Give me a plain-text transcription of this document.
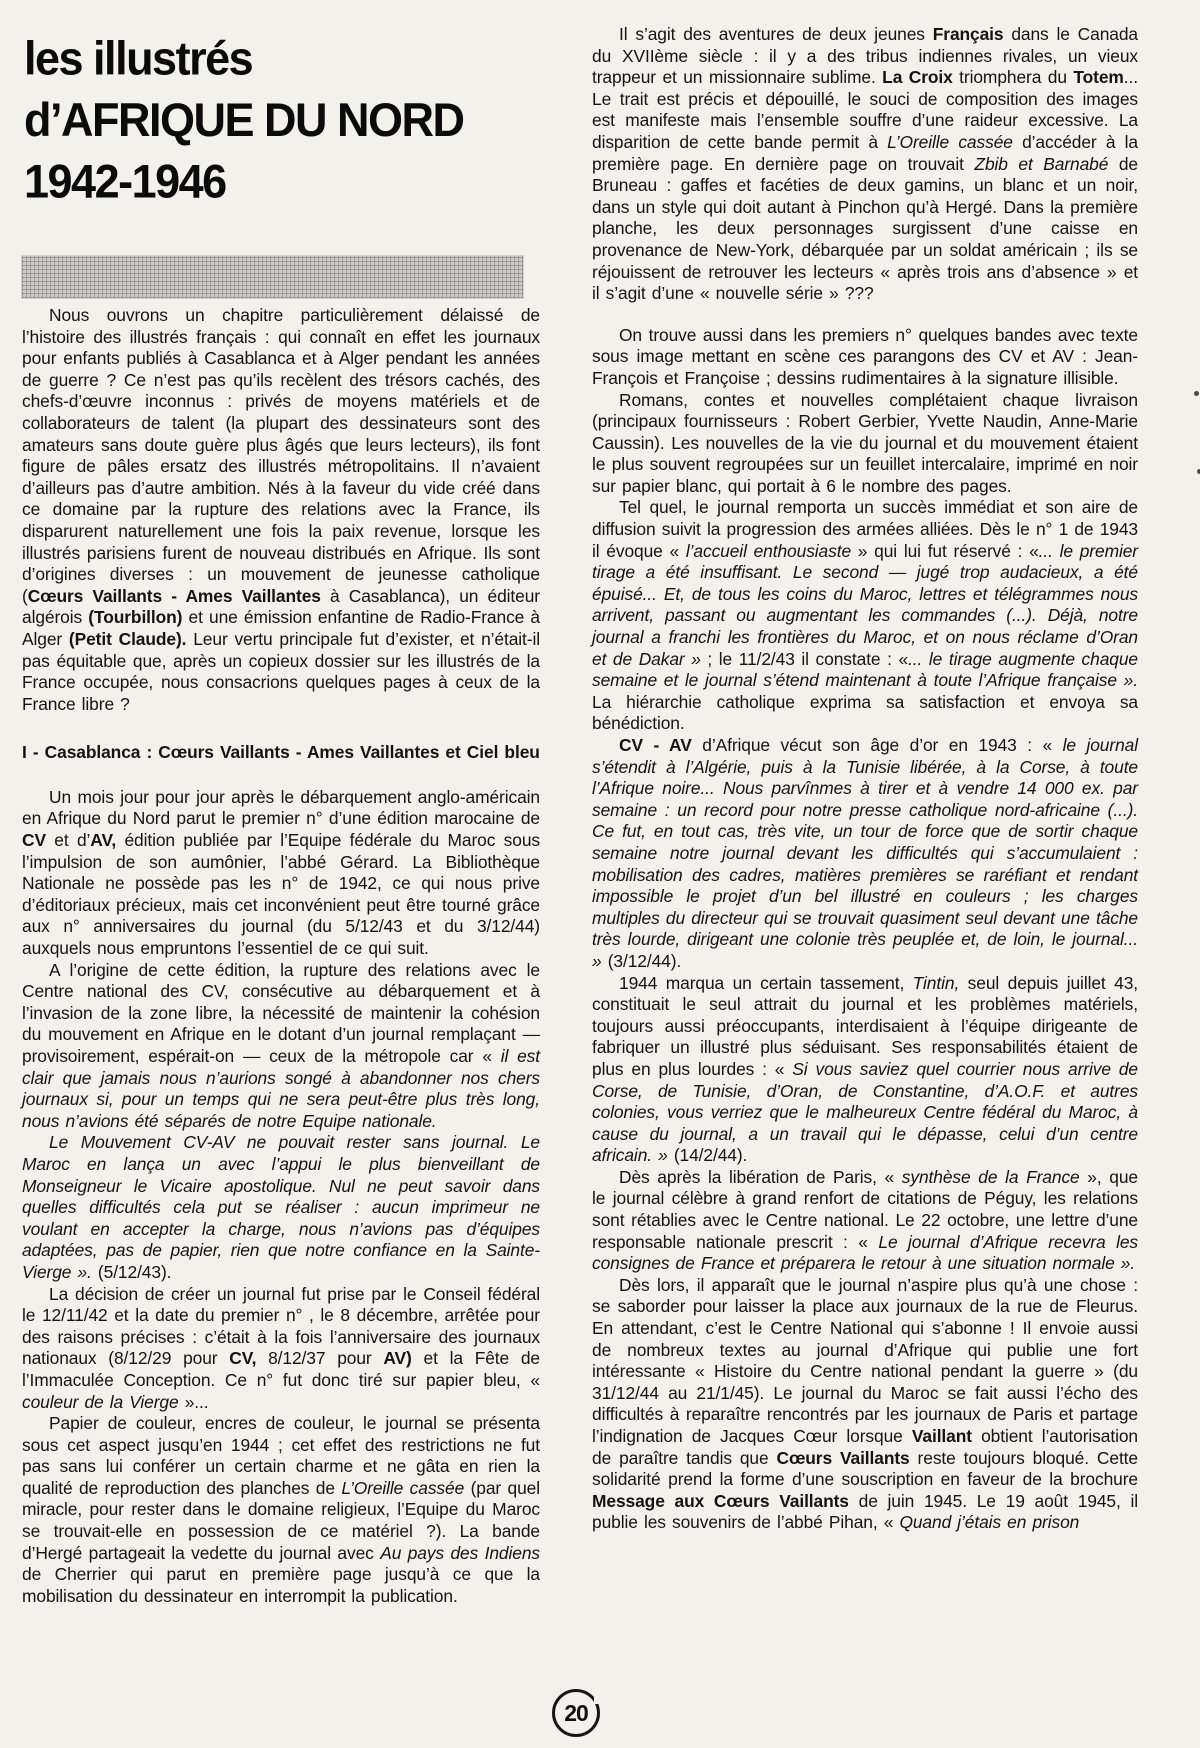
les illustrés
d’AFRIQUE DU NORD
1942-1946

Nous ouvrons un chapitre particulièrement délaissé de l’histoire des illustrés français : qui connaît en effet les journaux pour enfants publiés à Casablanca et à Alger pendant les années de guerre ? Ce n’est pas qu’ils recèlent des trésors cachés, des chefs-d’œuvre inconnus : privés de moyens matériels et de collaborateurs de talent (la plupart des dessinateurs sont des amateurs sans doute guère plus âgés que leurs lecteurs), ils font figure de pâles ersatz des illustrés métropolitains. Il n’avaient d’ailleurs pas d’autre ambition. Nés à la faveur du vide créé dans ce domaine par la rupture des relations avec la France, ils disparurent naturellement une fois la paix revenue, lorsque les illustrés parisiens furent de nouveau distribués en Afrique. Ils sont d’origines diverses : un mouvement de jeunesse catholique (Cœurs Vaillants - Ames Vaillantes à Casablanca), un éditeur algérois (Tourbillon) et une émission enfantine de Radio-France à Alger (Petit Claude). Leur vertu principale fut d’exister, et n’était-il pas équitable que, après un copieux dossier sur les illustrés de la France occupée, nous consacrions quelques pages à ceux de la France libre ?

I - Casablanca : Cœurs Vaillants - Ames Vaillantes et Ciel bleu

Un mois jour pour jour après le débarquement anglo-américain en Afrique du Nord parut le premier n° d’une édition marocaine de CV et d’AV, édition publiée par l’Equipe fédérale du Maroc sous l’impulsion de son aumônier, l’abbé Gérard. La Bibliothèque Nationale ne possède pas les n° de 1942, ce qui nous prive d’éditoriaux précieux, mais cet inconvénient peut être tourné grâce aux n° anniversaires du journal (du 5/12/43 et du 3/12/44) auxquels nous empruntons l’essentiel de ce qui suit.

A l’origine de cette édition, la rupture des relations avec le Centre national des CV, consécutive au débarquement et à l’invasion de la zone libre, la nécessité de maintenir la cohésion du mouvement en Afrique en le dotant d’un journal remplaçant — provisoirement, espérait-on — ceux de la métropole car « il est clair que jamais nous n’aurions songé à abandonner nos chers journaux si, pour un temps qui ne sera peut-être plus très long, nous n’avions été séparés de notre Equipe nationale.

Le Mouvement CV-AV ne pouvait rester sans journal. Le Maroc en lança un avec l’appui le plus bienveillant de Monseigneur le Vicaire apostolique. Nul ne peut savoir dans quelles difficultés cela put se réaliser : aucun imprimeur ne voulant en accepter la charge, nous n’avions pas d’équipes adaptées, pas de papier, rien que notre confiance en la Sainte-Vierge ». (5/12/43).

La décision de créer un journal fut prise par le Conseil fédéral le 12/11/42 et la date du premier n° , le 8 décembre, arrêtée pour des raisons précises : c’était à la fois l’anniversaire des journaux nationaux (8/12/29 pour CV, 8/12/37 pour AV) et la Fête de l’Immaculée Conception. Ce n° fut donc tiré sur papier bleu, « couleur de la Vierge »...

Papier de couleur, encres de couleur, le journal se présenta sous cet aspect jusqu’en 1944 ; cet effet des restrictions ne fut pas sans lui conférer un certain charme et ne gâta en rien la qualité de reproduction des planches de L’Oreille cassée (par quel miracle, pour rester dans le domaine religieux, l’Equipe du Maroc se trouvait-elle en possession de ce matériel ?). La bande d’Hergé partageait la vedette du journal avec Au pays des Indiens de Cherrier qui parut en première page jusqu’à ce que la mobilisation du dessinateur en interrompit la publication.

Il s’agit des aventures de deux jeunes Français dans le Canada du XVIIème siècle : il y a des tribus indiennes rivales, un vieux trappeur et un missionnaire sublime. La Croix triomphera du Totem... Le trait est précis et dépouillé, le souci de composition des images est manifeste mais l’ensemble souffre d’une raideur excessive. La disparition de cette bande permit à L’Oreille cassée d’accéder à la première page. En dernière page on trouvait Zbib et Barnabé de Bruneau : gaffes et facéties de deux gamins, un blanc et un noir, dans un style qui doit autant à Pinchon qu’à Hergé. Dans la première planche, les deux personnages surgissent d’une caisse en provenance de New-York, débarquée par un soldat américain ; ils se réjouissent de retrouver les lecteurs « après trois ans d’absence » et il s’agit d’une « nouvelle série » ???

On trouve aussi dans les premiers n° quelques bandes avec texte sous image mettant en scène ces parangons des CV et AV : Jean-François et Françoise ; dessins rudimentaires à la signature illisible.

Romans, contes et nouvelles complétaient chaque livraison (principaux fournisseurs : Robert Gerbier, Yvette Naudin, Anne-Marie Caussin). Les nouvelles de la vie du journal et du mouvement étaient le plus souvent regroupées sur un feuillet intercalaire, imprimé en noir sur papier blanc, qui portait à 6 le nombre des pages.

Tel quel, le journal remporta un succès immédiat et son aire de diffusion suivit la progression des armées alliées. Dès le n° 1 de 1943 il évoque « l’accueil enthousiaste » qui lui fut réservé : «... le premier tirage a été insuffisant. Le second — jugé trop audacieux, a été épuisé... Et, de tous les coins du Maroc, lettres et télégrammes nous arrivent, passant ou augmentant les commandes (...). Déjà, notre journal a franchi les frontières du Maroc, et on nous réclame d’Oran et de Dakar » ; le 11/2/43 il constate : «... le tirage augmente chaque semaine et le journal s’étend maintenant à toute l’Afrique française ». La hiérarchie catholique exprima sa satisfaction et envoya sa bénédiction.

CV - AV d’Afrique vécut son âge d’or en 1943 : « le journal s’étendit à l’Algérie, puis à la Tunisie libérée, à la Corse, à toute l’Afrique noire... Nous parvînmes à tirer et à vendre 14 000 ex. par semaine : un record pour notre presse catholique nord-africaine (...). Ce fut, en tout cas, très vite, un tour de force que de sortir chaque semaine notre journal devant les difficultés qui s’accumulaient : mobilisation des cadres, matières premières se raréfiant et rendant impossible le projet d’un bel illustré en couleurs ; les charges multiples du directeur qui se trouvait quasiment seul devant une tâche très lourde, dirigeant une colonie très peuplée et, de loin, le journal... » (3/12/44).

1944 marqua un certain tassement, Tintin, seul depuis juillet 43, constituait le seul attrait du journal et les problèmes matériels, toujours aussi préoccupants, interdisaient à l’équipe dirigeante de fabriquer un illustré plus séduisant. Ses responsabilités étaient de plus en plus lourdes : « Si vous saviez quel courrier nous arrive de Corse, de Tunisie, d’Oran, de Constantine, d’A.O.F. et autres colonies, vous verriez que le malheureux Centre fédéral du Maroc, à cause du journal, a un travail qui le dépasse, celui d’un centre africain. » (14/2/44).

Dès après la libération de Paris, « synthèse de la France », que le journal célèbre à grand renfort de citations de Péguy, les relations sont rétablies avec le Centre national. Le 22 octobre, une lettre d’une responsable nationale prescrit : « Le journal d’Afrique recevra les consignes de France et préparera le retour à une situation normale ».

Dès lors, il apparaît que le journal n’aspire plus qu’à une chose : se saborder pour laisser la place aux journaux de la rue de Fleurus. En attendant, c’est le Centre National qui s’abonne ! Il envoie aussi de nombreux textes au journal d’Afrique qui publie une fort intéressante « Histoire du Centre national pendant la guerre » (du 31/12/44 au 21/1/45). Le journal du Maroc se fait aussi l’écho des difficultés à reparaître rencontrés par les journaux de Paris et partage l’indignation de Jacques Cœur lorsque Vaillant obtient l’autorisation de paraître tandis que Cœurs Vaillants reste toujours bloqué. Cette solidarité prend la forme d’une souscription en faveur de la brochure Message aux Cœurs Vaillants de juin 1945. Le 19 août 1945, il publie les souvenirs de l’abbé Pihan, « Quand j’étais en prison

20
